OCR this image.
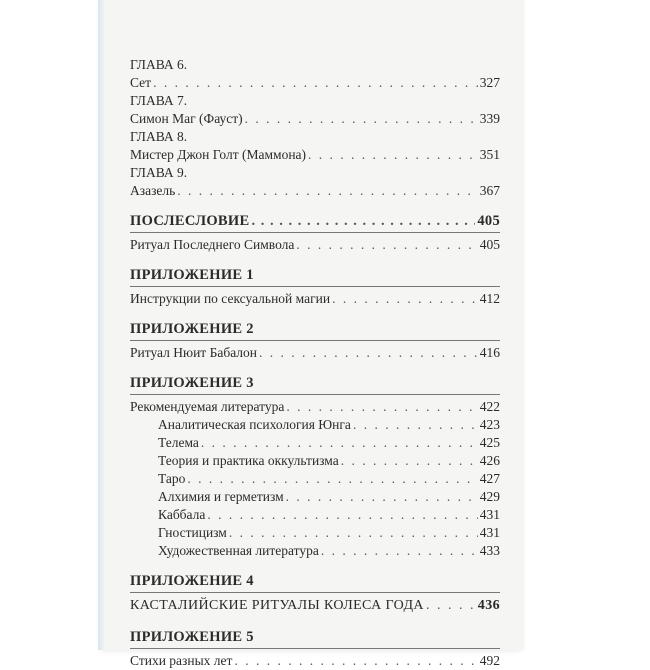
ГЛАВА 6.
Сет . . .	327
ГЛАВА 7.
Симон Маг (Фауст) . . .	339
ГЛАВА 8.
Мистер Джон Голт (Маммона) . . .	351
ГЛАВА 9.
Азазель . . .	367
ПОСЛЕСЛОВИЕ . . .	405
Ритуал Последнего Символа . . .	405
ПРИЛОЖЕНИЕ 1
Инструкции по сексуальной магии . . .	412
ПРИЛОЖЕНИЕ 2
Ритуал Нюит Бабалон . . .	416
ПРИЛОЖЕНИЕ 3
Рекомендуемая литература . . .	422
Аналитическая психология Юнга . . .	423
Телема . . .	425
Теория и практика оккультизма . . .	426
Таро . . .	427
Алхимия и герметизм . . .	429
Каббала . . .	431
Гностицизм . . .	431
Художественная литература . . .	433
ПРИЛОЖЕНИЕ 4
КАСТАЛИЙСКИЕ РИТУАЛЫ КОЛЕСА ГОДА . . .	436
ПРИЛОЖЕНИЕ 5
Стихи разных лет . . .	492
